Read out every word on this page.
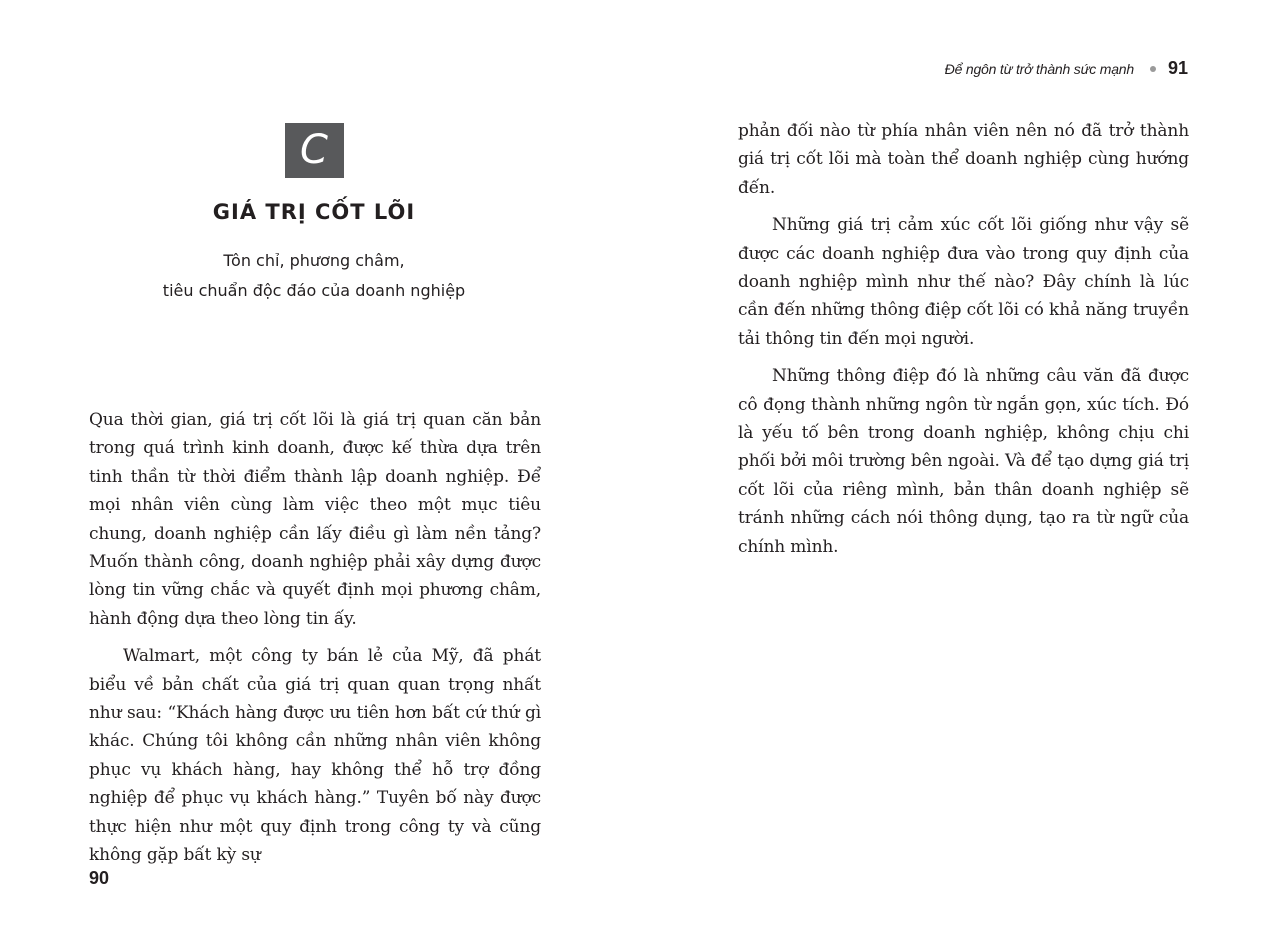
C
GIÁ TRỊ CỐT LÕI
Tôn chỉ, phương châm,
tiêu chuẩn độc đáo của doanh nghiệp

Qua thời gian, giá trị cốt lõi là giá trị quan căn bản trong quá trình kinh doanh, được kế thừa dựa trên tinh thần từ thời điểm thành lập doanh nghiệp. Để mọi nhân viên cùng làm việc theo một mục tiêu chung, doanh nghiệp cần lấy điều gì làm nền tảng? Muốn thành công, doanh nghiệp phải xây dựng được lòng tin vững chắc và quyết định mọi phương châm, hành động dựa theo lòng tin ấy.

Walmart, một công ty bán lẻ của Mỹ, đã phát biểu về bản chất của giá trị quan quan trọng nhất như sau: “Khách hàng được ưu tiên hơn bất cứ thứ gì khác. Chúng tôi không cần những nhân viên không phục vụ khách hàng, hay không thể hỗ trợ đồng nghiệp để phục vụ khách hàng.” Tuyên bố này được thực hiện như một quy định trong công ty và cũng không gặp bất kỳ sự

90
Để ngôn từ trở thành sức mạnh 91

phản đối nào từ phía nhân viên nên nó đã trở thành giá trị cốt lõi mà toàn thể doanh nghiệp cùng hướng đến.

Những giá trị cảm xúc cốt lõi giống như vậy sẽ được các doanh nghiệp đưa vào trong quy định của doanh nghiệp mình như thế nào? Đây chính là lúc cần đến những thông điệp cốt lõi có khả năng truyền tải thông tin đến mọi người.

Những thông điệp đó là những câu văn đã được cô đọng thành những ngôn từ ngắn gọn, xúc tích. Đó là yếu tố bên trong doanh nghiệp, không chịu chi phối bởi môi trường bên ngoài. Và để tạo dựng giá trị cốt lõi của riêng mình, bản thân doanh nghiệp sẽ tránh những cách nói thông dụng, tạo ra từ ngữ của chính mình.
